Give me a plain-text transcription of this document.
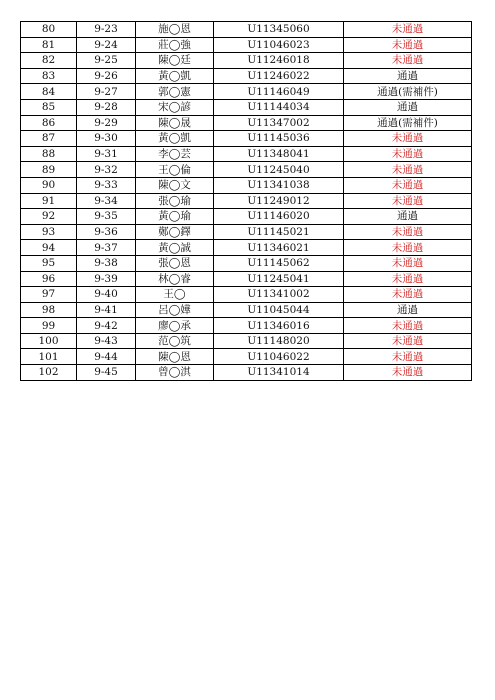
80	9-23	施◯恩	U11345060	未通過
81	9-24	莊◯強	U11046023	未通過
82	9-25	陳◯廷	U11246018	未通過
83	9-26	黃◯凱	U11246022	通過
84	9-27	郭◯憲	U11146049	通過(需補件)
85	9-28	宋◯諺	U11144034	通過
86	9-29	陳◯晟	U11347002	通過(需補件)
87	9-30	黃◯凱	U11145036	未通過
88	9-31	李◯芸	U11348041	未通過
89	9-32	王◯倫	U11245040	未通過
90	9-33	陳◯文	U11341038	未通過
91	9-34	張◯瑜	U11249012	未通過
92	9-35	黃◯瑜	U11146020	通過
93	9-36	鄭◯鐸	U11145021	未通過
94	9-37	黃◯誠	U11346021	未通過
95	9-38	張◯恩	U11145062	未通過
96	9-39	林◯睿	U11245041	未通過
97	9-40	王◯	U11341002	未通過
98	9-41	呂◯嬅	U11045044	通過
99	9-42	廖◯承	U11346016	未通過
100	9-43	范◯筑	U11148020	未通過
101	9-44	陳◯恩	U11046022	未通過
102	9-45	曾◯淇	U11341014	未通過
